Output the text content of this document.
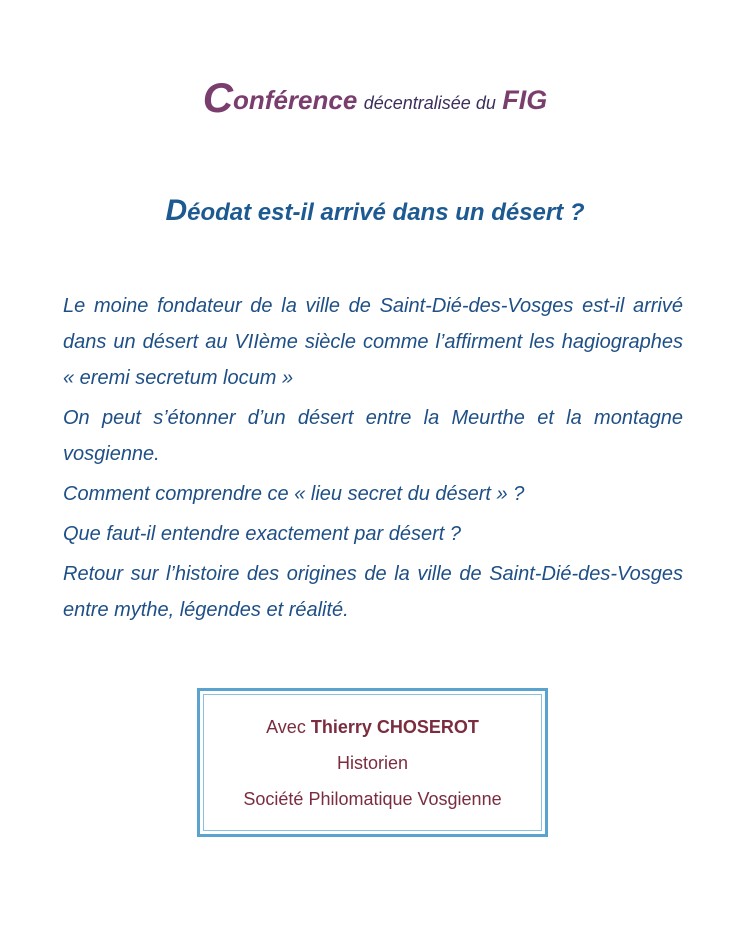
Conférence décentralisée du FIG
Déodat est-il arrivé dans un désert ?

Le moine fondateur de la ville de Saint-Dié-des-Vosges est-il arrivé dans un désert au VIIème siècle comme l’affirment les hagiographes « eremi secretum locum »

On peut s’étonner d’un désert entre la Meurthe et la montagne vosgienne.

Comment comprendre ce « lieu secret du désert » ?

Que faut-il entendre exactement par désert ?

Retour sur l’histoire des origines de la ville de Saint-Dié-des-Vosges entre mythe, légendes et réalité.

Avec Thierry CHOSEROT
Historien
Société Philomatique Vosgienne
